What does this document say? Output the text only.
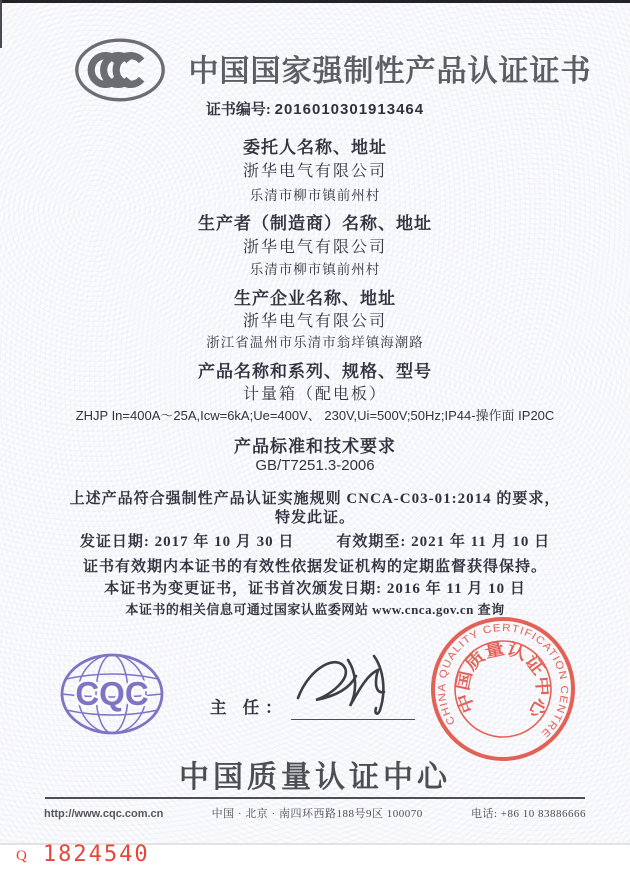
中国国家强制性产品认证证书
证书编号: 2016010301913464
委托人名称、地址
浙华电气有限公司
乐清市柳市镇前州村
生产者（制造商）名称、地址
浙华电气有限公司
乐清市柳市镇前州村
生产企业名称、地址
浙华电气有限公司
浙江省温州市乐清市翁垟镇海潮路
产品名称和系列、规格、型号
计量箱（配电板）
ZHJP In=400A～25A,Icw=6kA;Ue=400V、 230V,Ui=500V;50Hz;IP44-操作面 IP20C
产品标准和技术要求
GB/T7251.3-2006
上述产品符合强制性产品认证实施规则 CNCA-C03-01:2014 的要求，
特发此证。
发证日期: 2017 年 10 月 30 日	有效期至: 2021 年 11 月 10 日
证书有效期内本证书的有效性依据发证机构的定期监督获得保持。
本证书为变更证书，证书首次颁发日期: 2016 年 11 月 10 日
本证书的相关信息可通过国家认监委网站 www.cnca.gov.cn 查询
CQC	主 任：
CHINA QUALITY CERTIFICATION CENTRE
中国质量认证中心
中国质量认证中心
http://www.cqc.com.cn	中国 · 北京 · 南四环西路188号9区 100070	电话: +86 10 83886666
Q 1824540
